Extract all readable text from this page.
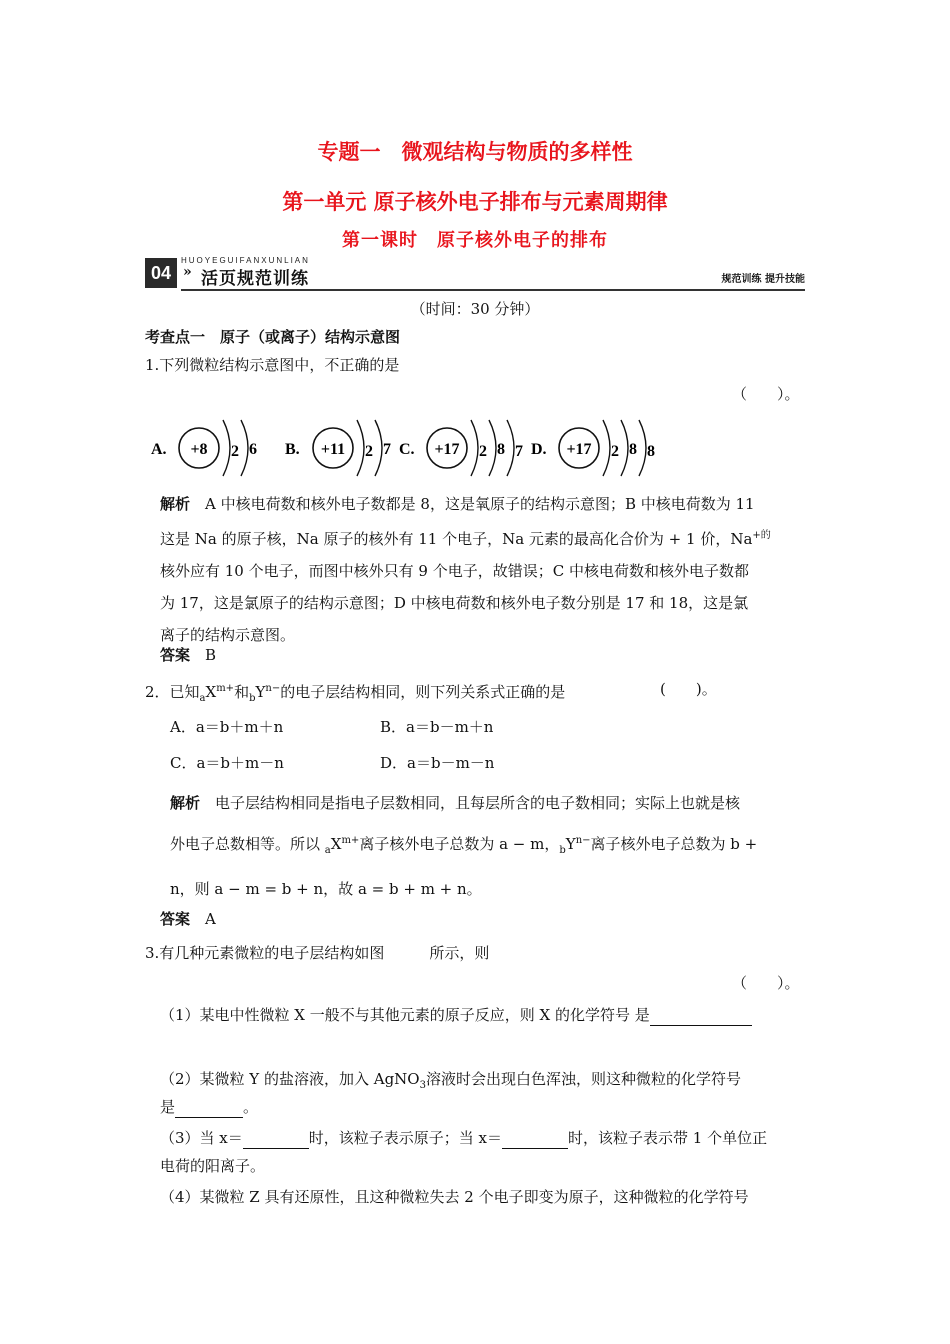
专题一　微观结构与物质的多样性
第一单元 原子核外电子排布与元素周期律
第一课时　原子核外电子的排布
04
HUOYEGUIFANXUNLIAN
» 活页规范训练	规范训练 提升技能
（时间：30 分钟）
考查点一　原子（或离子）结构示意图
1.下列微粒结构示意图中，不正确的是
（　　）。
A. +8 2 6 B. +11 2 7 C. +17 2 8 7 D. +17 2 8 8
解析　 A 中核电荷数和核外电子数都是 8，这是氧原子的结构示意图；B 中核电荷数为 11
这是 Na 的原子核，Na 原子的核外有 11 个电子，Na 元素的最高化合价为 + 1 价，$Na^{+的}$
核外应有 10 个电子，而图中核外只有 9 个电子，故错误；C 中核电荷数和核外电子数都
为 17，这是氯原子的结构示意图；D 中核电荷数和核外电子数分别是 17 和 18，这是氯
离子的结构示意图。
答案　 B
2．已知$_aX^{m+}$和$_bY^{n-}$的电子层结构相同，则下列关系式正确的是	(　　)。
A．a＝b＋m＋n	B．a＝b－m＋n
C．a＝b＋m－n	D．a＝b－m－n
解析　 电子层结构相同是指电子层数相同，且每层所含的电子数相同；实际上也就是核
外电子总数相等。所以 $_aX^{m+}$离子核外电子总数为 a − m，$_bY^{n-}$离子核外电子总数为 b +
n，则 a − m = b + n，故 a = b + m + n。
答案　 A
3.有几种元素微粒的电子层结构如图　　　所示，则
（　　）。
（1）某电中性微粒 X 一般不与其他元素的原子反应，则 X 的化学符号 是
（2）某微粒 Y 的盐溶液，加入 AgNO$_3$溶液时会出现白色浑浊，则这种微粒的化学符号
是	。
（3）当 x＝	时，该粒子表示原子；当 x＝	时，该粒子表示带 1 个单位正
电荷的阳离子。
（4）某微粒 Z 具有还原性，且这种微粒失去 2 个电子即变为原子，这种微粒的化学符号
